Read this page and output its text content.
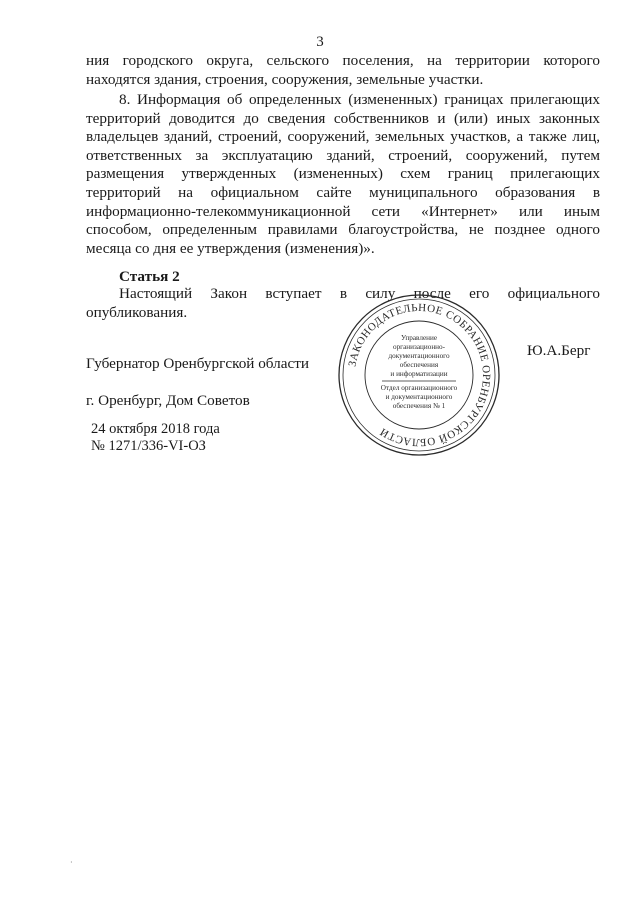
3
ния городского округа, сельского поселения, на территории которого находятся здания, строения, сооружения, земельные участки.
8. Информация об определенных (измененных) границах прилегающих территорий доводится до сведения собственников и (или) иных законных владельцев зданий, строений, сооружений, земельных участков, а также лиц, ответственных за эксплуатацию зданий, строений, сооружений, путем размещения утвержденных (измененных) схем границ прилегающих территорий на официальном сайте муниципального образования в информационно-телекоммуникационной сети «Интернет» или иным способом, определенным правилами благоустройства, не позднее одного месяца со дня ее утверждения (изменения)».
Статья 2
Настоящий Закон вступает в силу после его официального опубликования.
Губернатор Оренбургской области
Ю.А.Берг
г. Оренбург, Дом Советов
24 октября 2018 года
№ 1271/336-VI-ОЗ
ЗАКОНОДАТЕЛЬНОЕ СОБРАНИЕ ОРЕНБУРГСКОЙ ОБЛАСТИ
Управление
организационно-
документационного
обеспечения
и информатизации
Отдел организационного
и документационного
обеспечения № 1
·
